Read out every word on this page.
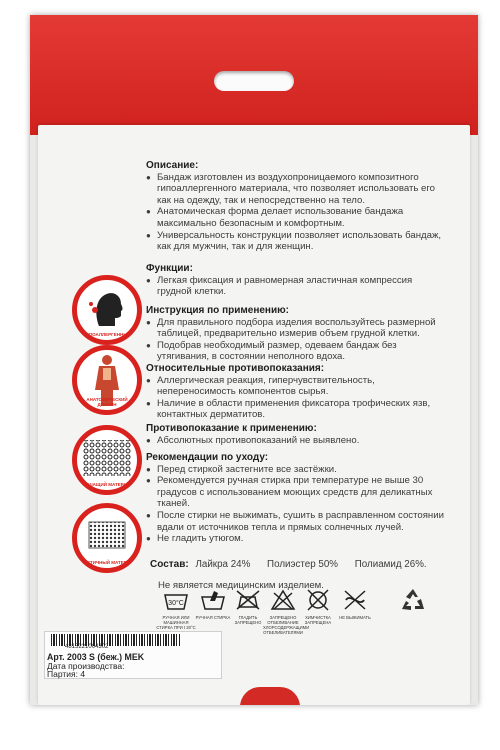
Описание:

● Бандаж изготовлен из воздухопроницаемого композитного гипоаллергенного материала, что позволяет использовать его как на одежду, так и непосредственно на тело.

● Анатомическая форма делает использование бандажа максимально безопасным и комфортным.

● Универсальность конструкции позволяет использовать бандаж, как для мужчин, так и для женщин.

Функции:

● Легкая фиксация и равномерная эластичная компрессия грудной клетки.

Инструкция по применению:

● Для правильного подбора изделия воспользуйтесь размерной таблицей, предварительно измерив объем грудной клетки.

● Подобрав необходимый размер, одеваем бандаж без утягивания, в состоянии неполного вдоха.

Относительные противопоказания:

● Аллергическая реакция, гиперчувствительность, непереносимость компонентов сырья.

● Наличие в области применения фиксатора трофических язв, контактных дерматитов.

Противопоказание к применению:

● Абсолютных противопоказаний не выявлено.

Рекомендации по уходу:

● Перед стиркой застегните все застёжки.

● Рекомендуется ручная стирка при температуре не выше 30 градусов с использованием моющих средств для деликатных тканей.

● После стирки не выжимать, сушить в расправленном состоянии вдали от источников тепла и прямых солнечных лучей.

● Не гладить утюгом.

Состав: Лайкра 24% Полиэстер 50% Полиамид 26%.
Не является медицинским изделием.
ГИПОАЛЛЕРГЕННЫЙ
АНАТОМИЧЕСКИЙ ДИЗАЙН
ДЫШАЩИЙ МАТЕРИАЛ
ЭЛАСТИЧНЫЙ МАТЕРИАЛ
30°C
РУЧНАЯ ИЛИ МАШИННАЯ СТИРКА ПРИ t 30°С
РУЧНАЯ СТИРКА	ГЛАДИТЬ ЗАПРЕЩЕНО
ЗАПРЕЩЕНО ОТБЕЛИВАНИЕ ХЛОРСОДЕРЖАЩИМИ ОТБЕЛИВАТЕЛЯМИ
ХИМЧИСТКА ЗАПРЕЩЕНА
НЕ ВЫЖИМАТЬ
4815221004302
Арт. 2003 S (беж.) MEK
Дата производства:
Партия: 4
